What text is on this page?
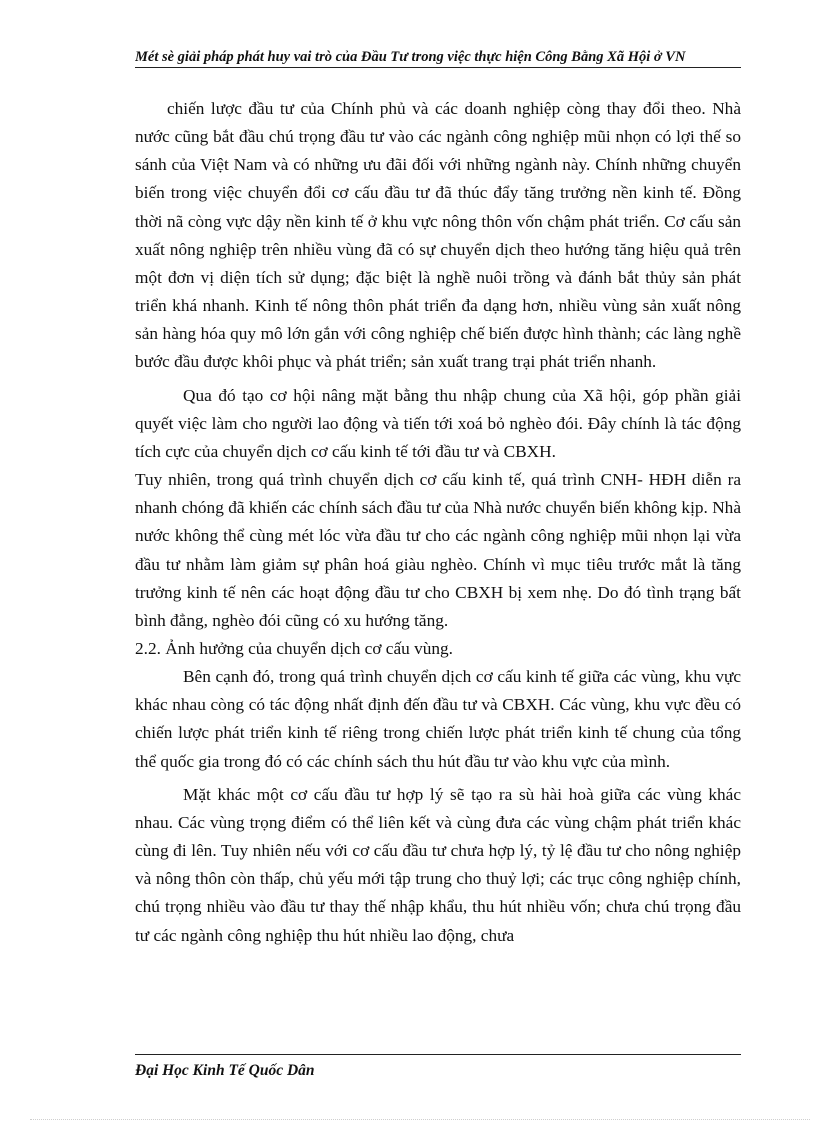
Mét sè giải pháp phát huy vai trò của Đầu Tư trong việc thực hiện Công Bằng Xã Hội ở VN

chiến lược đầu tư của Chính phủ và các doanh nghiệp còng thay đổi theo. Nhà nước cũng bắt đầu chú trọng đầu tư vào các ngành công nghiệp mũi nhọn có lợi thế so sánh của Việt Nam và có những ưu đãi đối với những ngành này. Chính những chuyển biến trong việc chuyển đổi cơ cấu đầu tư đã thúc đẩy tăng trưởng nền kinh tế. Đồng thời nã còng vực dậy nền kinh tế ở khu vực nông thôn vốn chậm phát triển. Cơ cấu sản xuất nông nghiệp trên nhiều vùng đã có sự chuyển dịch theo hướng tăng hiệu quả trên một đơn vị diện tích sử dụng; đặc biệt là nghề nuôi trồng và đánh bắt thủy sản phát triển khá nhanh. Kinh tế nông thôn phát triển đa dạng hơn, nhiều vùng sản xuất nông sản hàng hóa quy mô lớn gắn với công nghiệp chế biến được hình thành; các làng nghề bước đầu được khôi phục và phát triển; sản xuất trang trại phát triển nhanh.

Qua đó tạo cơ hội nâng mặt bằng thu nhập chung của Xã hội, góp phần giải quyết việc làm cho người lao động và tiến tới xoá bỏ nghèo đói. Đây chính là tác động tích cực của chuyển dịch cơ cấu kinh tế tới đầu tư và CBXH.

Tuy nhiên, trong quá trình chuyển dịch cơ cấu kinh tế, quá trình CNH- HĐH diễn ra nhanh chóng đã khiến các chính sách đầu tư của Nhà nước chuyển biến không kịp. Nhà nước không thể cùng mét lóc vừa đầu tư cho các ngành công nghiệp mũi nhọn lại vừa đầu tư nhằm làm giảm sự phân hoá giàu nghèo. Chính vì mục tiêu trước mắt là tăng trưởng kinh tế nên các hoạt động đầu tư cho CBXH bị xem nhẹ. Do đó tình trạng bất bình đẳng, nghèo đói cũng có xu hướng tăng.

2.2. Ảnh hưởng của chuyển dịch cơ cấu vùng.

Bên cạnh đó, trong quá trình chuyển dịch cơ cấu kinh tế giữa các vùng, khu vực khác nhau còng có tác động nhất định đến đầu tư và CBXH. Các vùng, khu vực đều có chiến lược phát triển kinh tế riêng trong chiến lược phát triển kinh tế chung của tổng thể quốc gia trong đó có các chính sách thu hút đầu tư vào khu vực của mình.

Mặt khác một cơ cấu đầu tư hợp lý sẽ tạo ra sù hài hoà giữa các vùng khác nhau. Các vùng trọng điểm có thể liên kết và cùng đưa các vùng chậm phát triển khác cùng đi lên. Tuy nhiên nếu với cơ cấu đầu tư chưa hợp lý, tỷ lệ đầu tư cho nông nghiệp và nông thôn còn thấp, chủ yếu mới tập trung cho thuỷ lợi; các trục công nghiệp chính, chú trọng nhiều vào đầu tư thay thế nhập khẩu, thu hút nhiều vốn; chưa chú trọng đầu tư các ngành công nghiệp thu hút nhiều lao động, chưa

Đại Học Kinh Tế Quốc Dân
